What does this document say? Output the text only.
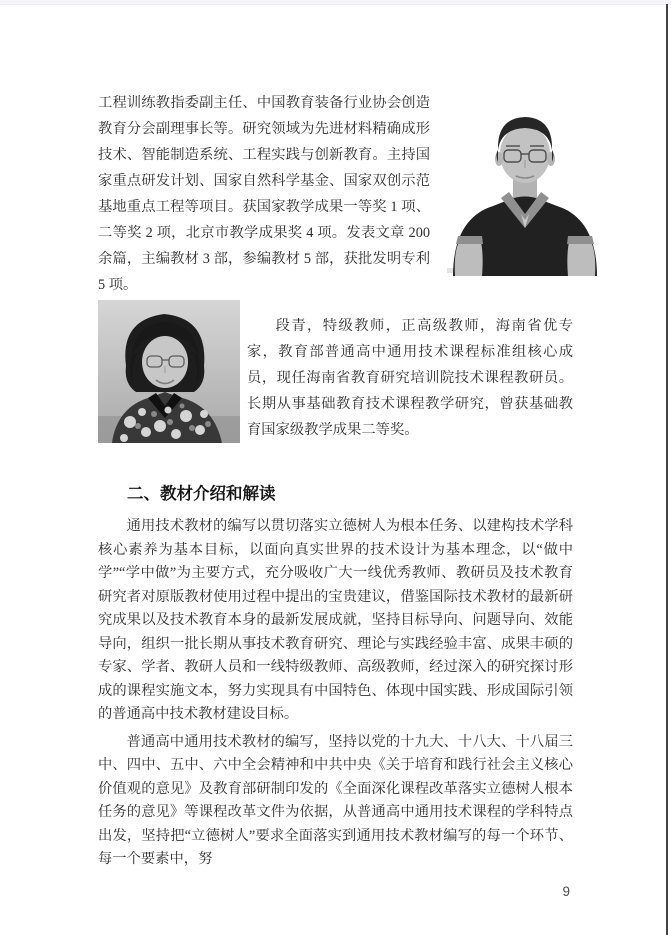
工程训练教指委副主任、中国教育装备行业协会创造教育分会副理事长等。研究领域为先进材料精确成形技术、智能制造系统、工程实践与创新教育。主持国家重点研发计划、国家自然科学基金、国家双创示范基地重点工程等项目。获国家教学成果一等奖 1 项、二等奖 2 项，北京市教学成果奖 4 项。发表文章 200 余篇，主编教材 3 部，参编教材 5 部，获批发明专利 5 项。
段青，特级教师，正高级教师，海南省优专家，教育部普通高中通用技术课程标准组核心成员，现任海南省教育研究培训院技术课程教研员。长期从事基础教育技术课程教学研究，曾获基础教育国家级教学成果二等奖。
二、教材介绍和解读

通用技术教材的编写以贯切落实立德树人为根本任务、以建构技术学科核心素养为基本目标，以面向真实世界的技术设计为基本理念，以“做中学”“学中做”为主要方式，充分吸收广大一线优秀教师、教研员及技术教育研究者对原版教材使用过程中提出的宝贵建议，借鉴国际技术教材的最新研究成果以及技术教育本身的最新发展成就，坚持目标导向、问题导向、效能导向，组织一批长期从事技术教育研究、理论与实践经验丰富、成果丰硕的专家、学者、教研人员和一线特级教师、高级教师，经过深入的研究探讨形成的课程实施文本，努力实现具有中国特色、体现中国实践、形成国际引领的普通高中技术教材建设目标。

普通高中通用技术教材的编写，坚持以党的十九大、十八大、十八届三中、四中、五中、六中全会精神和中共中央《关于培育和践行社会主义核心价值观的意见》及教育部研制印发的《全面深化课程改革落实立德树人根本任务的意见》等课程改革文件为依据，从普通高中通用技术课程的学科特点出发，坚持把“立德树人”要求全面落实到通用技术教材编写的每一个环节、每一个要素中，努

9
